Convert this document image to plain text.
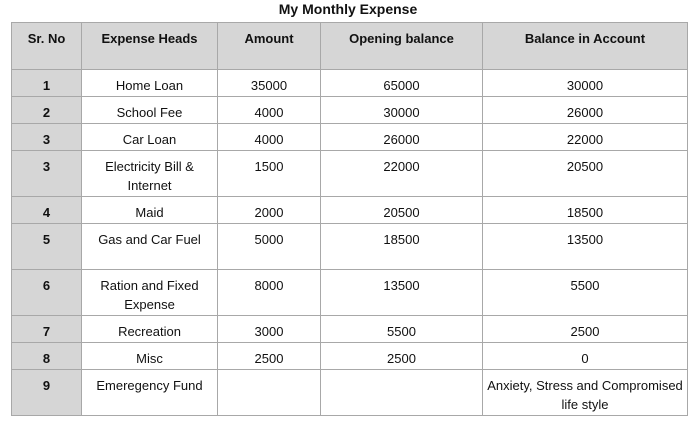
My Monthly Expense
Sr. No	Expense Heads	Amount	Opening balance	Balance in Account
1	Home Loan	35000	65000	30000
2	School Fee	4000	30000	26000
3	Car Loan	4000	26000	22000
3	Electricity Bill & Internet	1500	22000	20500
4	Maid	2000	20500	18500
5	Gas and Car Fuel	5000	18500	13500
6	Ration and Fixed Expense	8000	13500	5500
7	Recreation	3000	5500	2500
8	Misc	2500	2500	0
9	Emeregency Fund			Anxiety, Stress and Compromised life style
